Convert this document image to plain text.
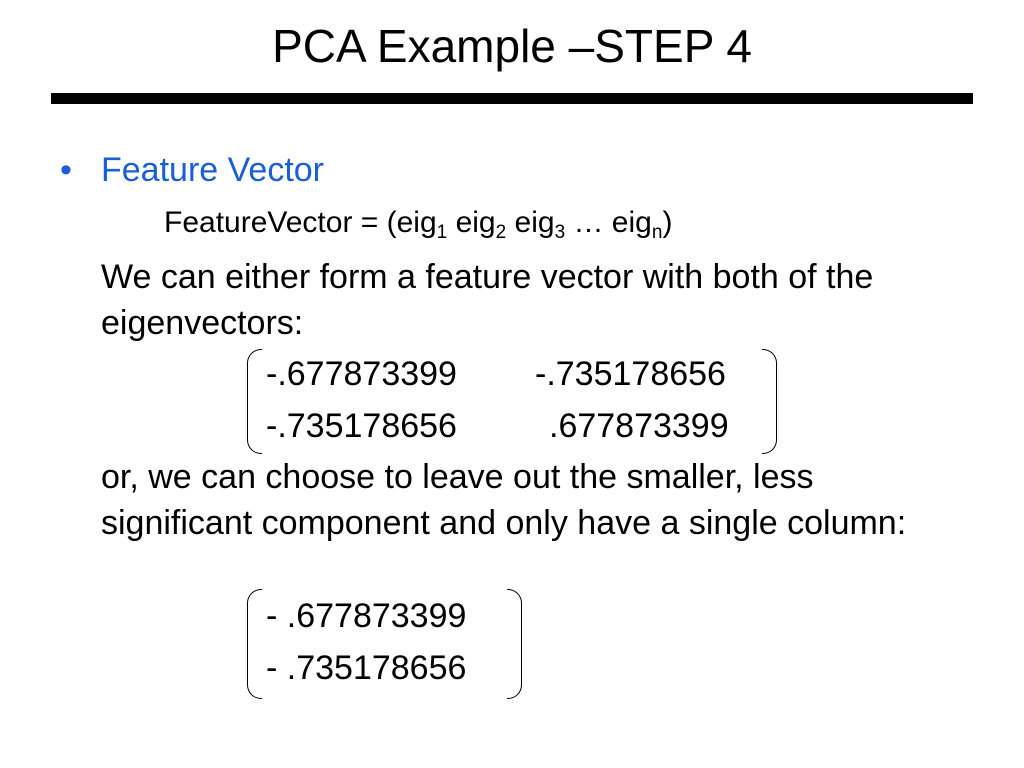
PCA Example –STEP 4
• Feature Vector
FeatureVector = (eig$_1$ eig$_2$ eig$_3$ … eig$_n$)
We can either form a feature vector with both of the eigenvectors:
-.677873399 -.735178656
-.735178656	.677873399
or, we can choose to leave out the smaller, less significant component and only have a single column:
- .677873399
- .735178656
